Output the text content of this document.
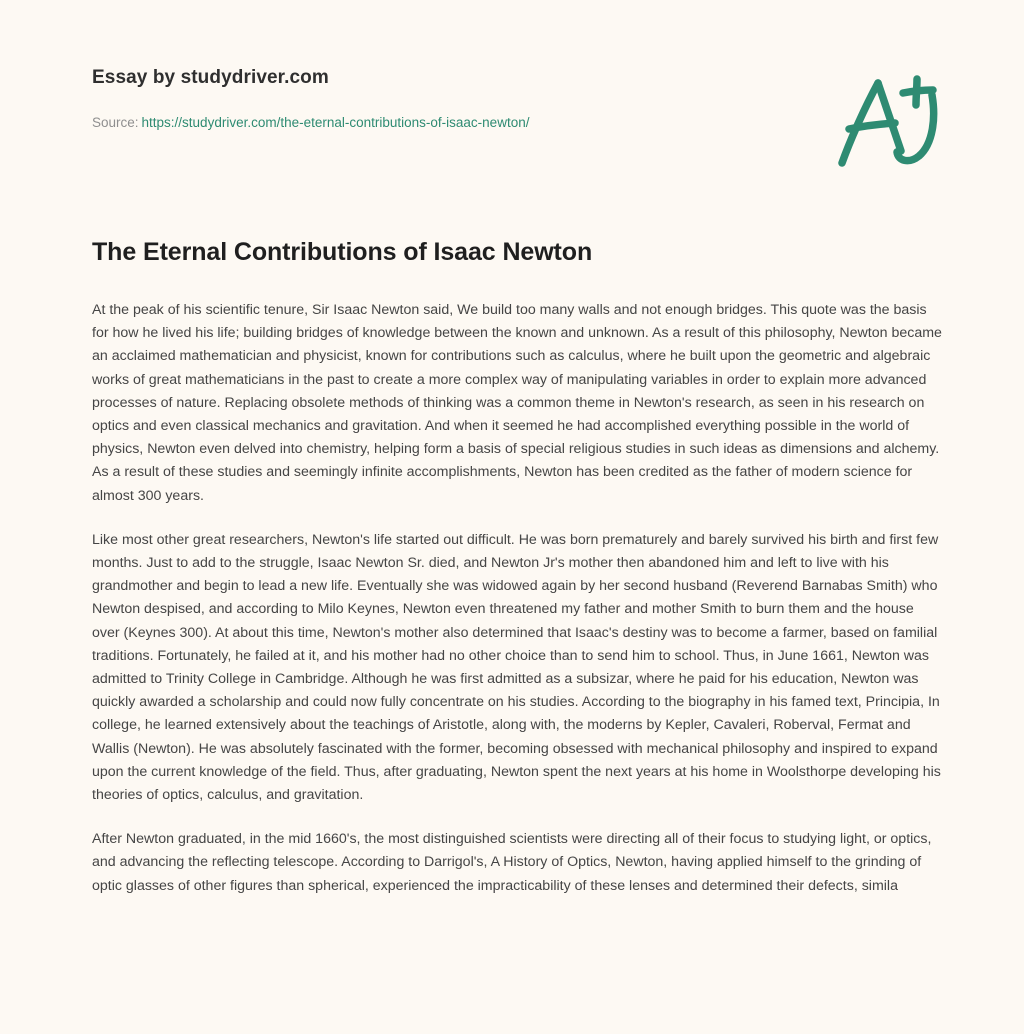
Essay by studydriver.com
Source: https://studydriver.com/the-eternal-contributions-of-isaac-newton/
The Eternal Contributions of Isaac Newton

At the peak of his scientific tenure, Sir Isaac Newton said, We build too many walls and not enough bridges. This quote was the basis for how he lived his life; building bridges of knowledge between the known and unknown. As a result of this philosophy, Newton became an acclaimed mathematician and physicist, known for contributions such as calculus, where he built upon the geometric and algebraic works of great mathematicians in the past to create a more complex way of manipulating variables in order to explain more advanced processes of nature. Replacing obsolete methods of thinking was a common theme in Newton's research, as seen in his research on optics and even classical mechanics and gravitation. And when it seemed he had accomplished everything possible in the world of physics, Newton even delved into chemistry, helping form a basis of special religious studies in such ideas as dimensions and alchemy. As a result of these studies and seemingly infinite accomplishments, Newton has been credited as the father of modern science for almost 300 years.

Like most other great researchers, Newton's life started out difficult. He was born prematurely and barely survived his birth and first few months. Just to add to the struggle, Isaac Newton Sr. died, and Newton Jr's mother then abandoned him and left to live with his grandmother and begin to lead a new life. Eventually she was widowed again by her second husband (Reverend Barnabas Smith) who Newton despised, and according to Milo Keynes, Newton even threatened my father and mother Smith to burn them and the house over (Keynes 300). At about this time, Newton's mother also determined that Isaac's destiny was to become a farmer, based on familial traditions. Fortunately, he failed at it, and his mother had no other choice than to send him to school. Thus, in June 1661, Newton was admitted to Trinity College in Cambridge. Although he was first admitted as a subsizar, where he paid for his education, Newton was quickly awarded a scholarship and could now fully concentrate on his studies. According to the biography in his famed text, Principia, In college, he learned extensively about the teachings of Aristotle, along with, the moderns by Kepler, Cavaleri, Roberval, Fermat and Wallis (Newton). He was absolutely fascinated with the former, becoming obsessed with mechanical philosophy and inspired to expand upon the current knowledge of the field. Thus, after graduating, Newton spent the next years at his home in Woolsthorpe developing his theories of optics, calculus, and gravitation.

After Newton graduated, in the mid 1660's, the most distinguished scientists were directing all of their focus to studying light, or optics, and advancing the reflecting telescope. According to Darrigol's, A History of Optics, Newton, having applied himself to the grinding of optic glasses of other figures than spherical, experienced the impracticability of these lenses and determined their defects, simila
